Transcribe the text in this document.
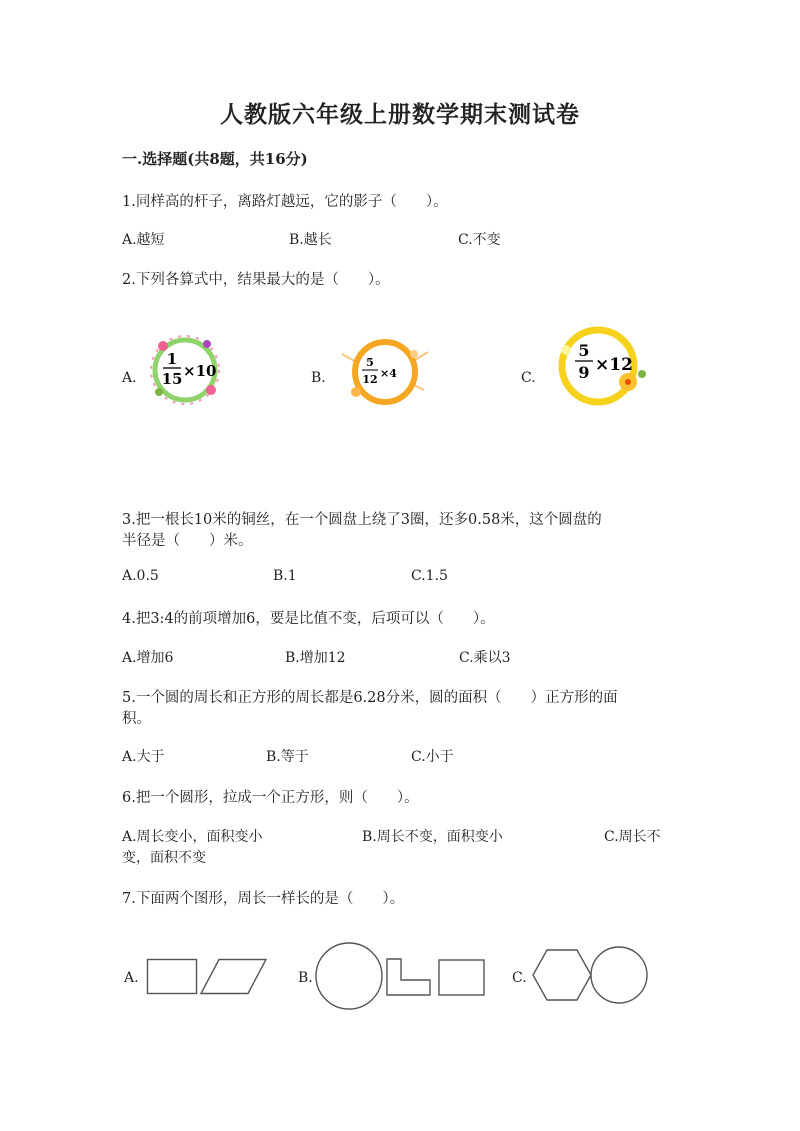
人教版六年级上册数学期末测试卷
一.选择题(共8题，共16分)
1.同样高的杆子，离路灯越远，它的影子（　　）。
A.越短	B.越长	C.不变
2.下列各算式中，结果最大的是（　　）。
A.	B.	C.
1
15 ×10	5
12 ×4
5
9 ×12
3.把一根长10米的铜丝，在一个圆盘上绕了3圈，还多0.58米，这个圆盘的
半径是（　　）米。
A.0.5	B.1	C.1.5
4.把3:4的前项增加6，要是比值不变，后项可以（　　）。
A.增加6	B.增加12	C.乘以3
5.一个圆的周长和正方形的周长都是6.28分米，圆的面积（　　）正方形的面
积。
A.大于	B.等于	C.小于
6.把一个圆形，拉成一个正方形，则（　　）。
A.周长变小，面积变小	B.周长不变，面积变小	C.周长不
变，面积不变
7.下面两个图形，周长一样长的是（　　）。
A.	B.	C.
